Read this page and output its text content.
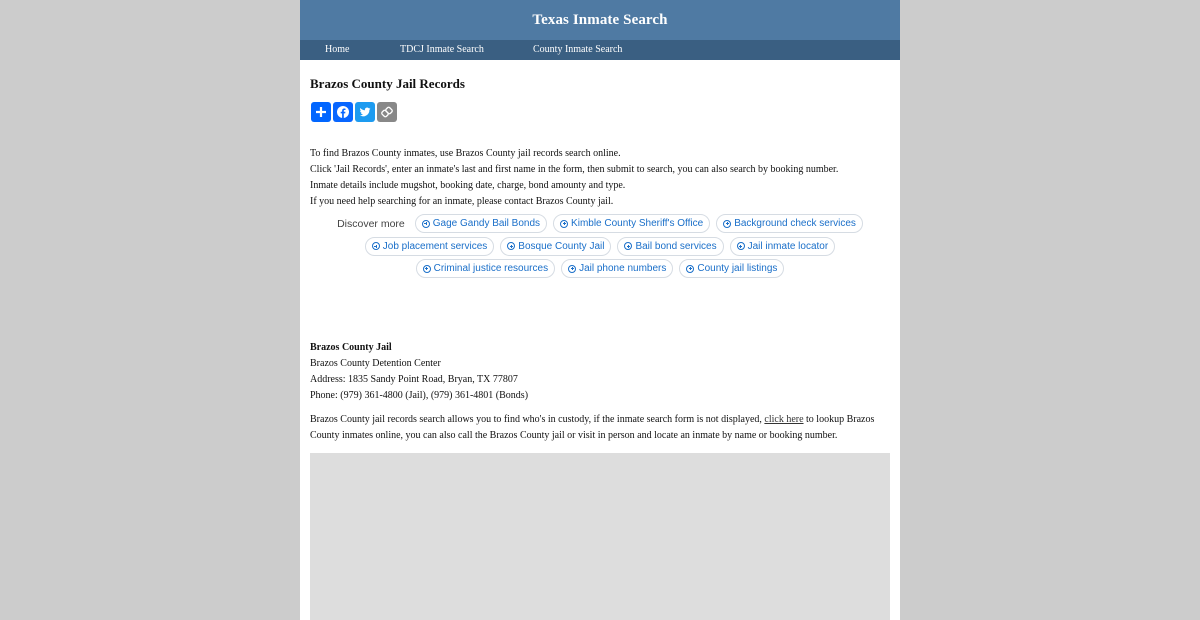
Texas Inmate Search
Home	TDCJ Inmate Search	County Inmate Search
Brazos County Jail Records

To find Brazos County inmates, use Brazos County jail records search online.

Click 'Jail Records', enter an inmate's last and first name in the form, then submit to search, you can also search by booking number.

Inmate details include mugshot, booking date, charge, bond amounty and type.

If you need help searching for an inmate, please contact Brazos County jail.

Discover more	Gage Gandy Bail Bonds	Kimble County Sheriff's Office	Background check services
Job placement services	Bosque County Jail	Bail bond services	Jail inmate locator
Criminal justice resources	Jail phone numbers	County jail listings

Brazos County Jail

Brazos County Detention Center

Address: 1835 Sandy Point Road, Bryan, TX 77807

Phone: (979) 361-4800 (Jail), (979) 361-4801 (Bonds)

Brazos County jail records search allows you to find who's in custody, if the inmate search form is not displayed, click here to lookup Brazos County inmates online, you can also call the Brazos County jail or visit in person and locate an inmate by name or booking number.
